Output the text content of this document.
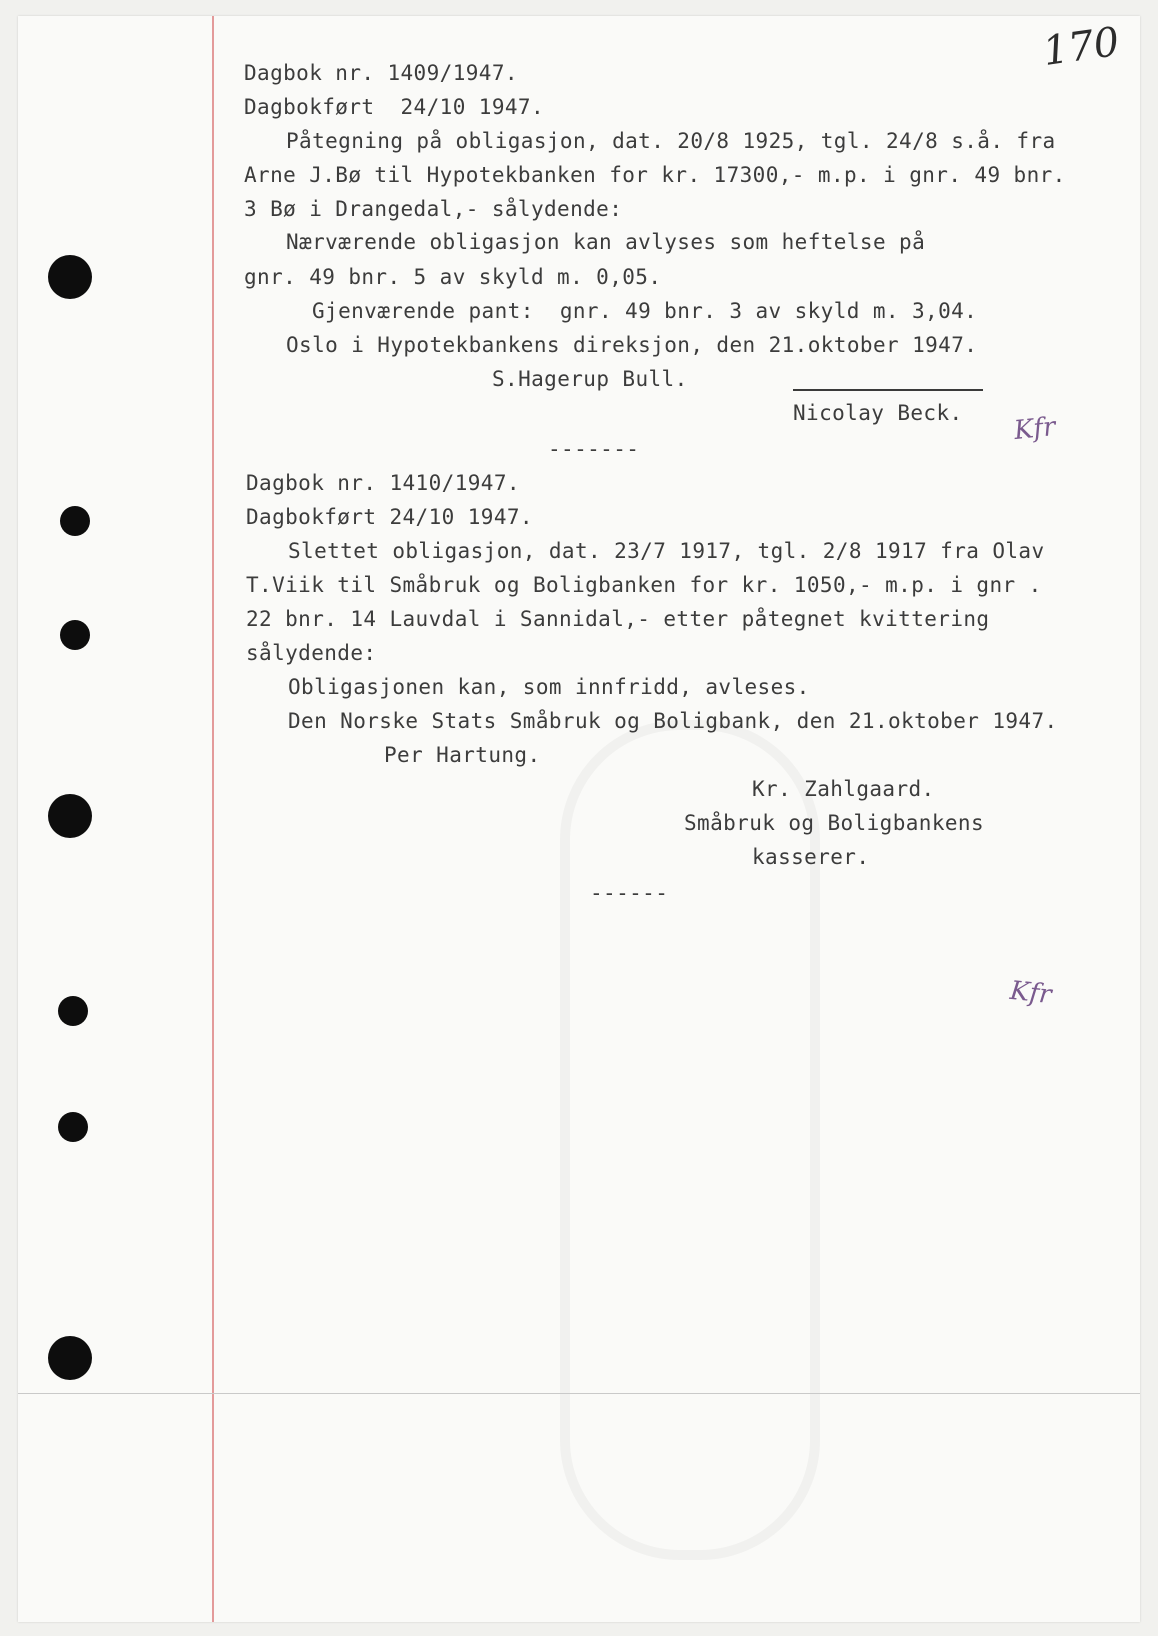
170
Dagbok nr. 1409/1947.
Dagbokført  24/10 1947.
Påtegning på obligasjon, dat. 20/8 1925, tgl. 24/8 s.å. fra
Arne J.Bø til Hypotekbanken for kr. 17300,- m.p. i gnr. 49 bnr.
3 Bø i Drangedal,- sålydende:
Nærværende obligasjon kan avlyses som heftelse på
gnr. 49 bnr. 5 av skyld m. 0,05.
Gjenværende pant:  gnr. 49 bnr. 3 av skyld m. 3,04.
Oslo i Hypotekbankens direksjon, den 21.oktober 1947.
S.Hagerup Bull.
Nicolay Beck. Kfr
-------
Dagbok nr. 1410/1947.
Dagbokført 24/10 1947.
Slettet obligasjon, dat. 23/7 1917, tgl. 2/8 1917 fra Olav
T.Viik til Småbruk og Boligbanken for kr. 1050,- m.p. i gnr .
22 bnr. 14 Lauvdal i Sannidal,- etter påtegnet kvittering
sålydende:
Obligasjonen kan, som innfridd, avleses.
Den Norske Stats Småbruk og Boligbank, den 21.oktober 1947.
Per Hartung.
Kr. Zahlgaard.
Småbruk og Boligbankens
kasserer.
------
Kfr
